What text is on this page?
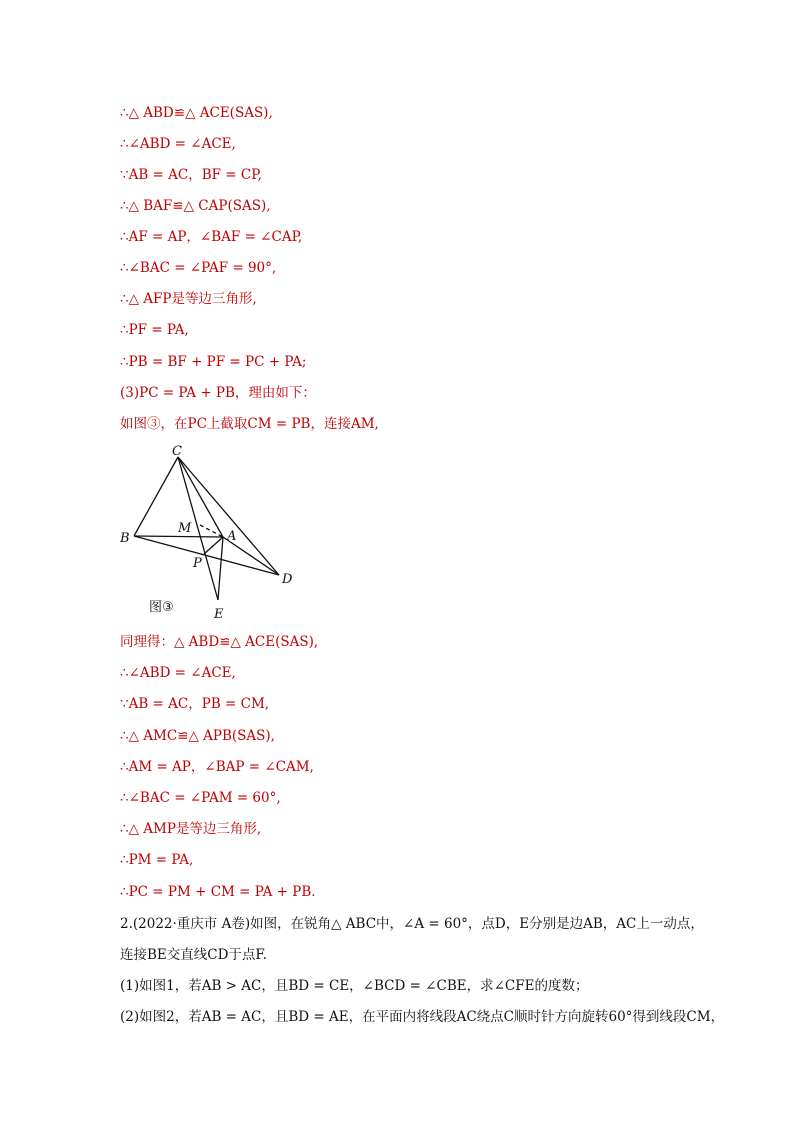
∴△ ABD≌△ ACE(SAS),
∴∠ABD = ∠ACE,
∵AB = AC，BF = CP,
∴△ BAF≌△ CAP(SAS),
∴AF = AP，∠BAF = ∠CAP,
∴∠BAC = ∠PAF = 90°,
∴△ AFP是等边三角形,
∴PF = PA,
∴PB = BF + PF = PC + PA;
(3)PC = PA + PB，理由如下：
如图③，在PC上截取CM = PB，连接AM,
C
M
A
B
P
D
E
图③
同理得：△ ABD≌△ ACE(SAS),
∴∠ABD = ∠ACE,
∵AB = AC，PB = CM,
∴△ AMC≌△ APB(SAS),
∴AM = AP，∠BAP = ∠CAM,
∴∠BAC = ∠PAM = 60°,
∴△ AMP是等边三角形,
∴PM = PA,
∴PC = PM + CM = PA + PB.
2.(2022·重庆市 A卷)如图，在锐角△ ABC中，∠A = 60°，点D，E分别是边AB，AC上一动点，
连接BE交直线CD于点F.
(1)如图1，若AB > AC，且BD = CE，∠BCD = ∠CBE，求∠CFE的度数；
(2)如图2，若AB = AC，且BD = AE，在平面内将线段AC绕点C顺时针方向旋转60°得到线段CM，
